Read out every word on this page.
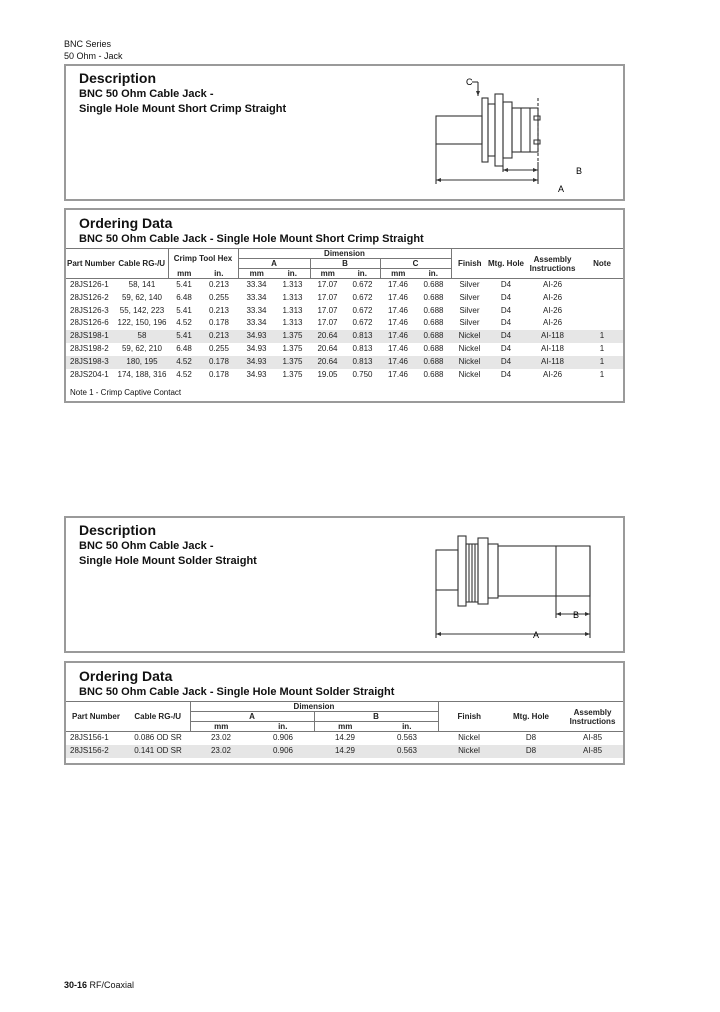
BNC Series
50 Ohm - Jack
Description
BNC 50 Ohm Cable Jack -
Single Hole Mount Short Crimp Straight
C
B
A
Ordering Data
BNC 50 Ohm Cable Jack - Single Hole Mount Short Crimp Straight
Part Number	Cable RG-/U	Crimp Tool Hex		Dimension						Finish	Mtg. Hole	Assembly Instructions	Note
				A		B		C					
		mm	in.	mm	in.	mm	in.	mm	in.				
28JS126-1	58, 141	5.41	0.213	33.34	1.313	17.07	0.672	17.46	0.688	Silver	D4	AI-26	
28JS126-2	59, 62, 140	6.48	0.255	33.34	1.313	17.07	0.672	17.46	0.688	Silver	D4	AI-26	
28JS126-3	55, 142, 223	5.41	0.213	33.34	1.313	17.07	0.672	17.46	0.688	Silver	D4	AI-26	
28JS126-6	122, 150, 196	4.52	0.178	33.34	1.313	17.07	0.672	17.46	0.688	Silver	D4	AI-26	
28JS198-1	58	5.41	0.213	34.93	1.375	20.64	0.813	17.46	0.688	Nickel	D4	AI-118	1
28JS198-2	59, 62, 210	6.48	0.255	34.93	1.375	20.64	0.813	17.46	0.688	Nickel	D4	AI-118	1
28JS198-3	180, 195	4.52	0.178	34.93	1.375	20.64	0.813	17.46	0.688	Nickel	D4	AI-118	1
28JS204-1	174, 188, 316	4.52	0.178	34.93	1.375	19.05	0.750	17.46	0.688	Nickel	D4	AI-26	1
Note 1 - Crimp Captive Contact
Description
BNC 50 Ohm Cable Jack -
Single Hole Mount Solder Straight
B
A
Ordering Data
BNC 50 Ohm Cable Jack - Single Hole Mount Solder Straight
Part Number	Cable RG-/U	Dimension				Finish	Mtg. Hole	Assembly Instructions
		A		B				
		mm	in.	mm	in.			
28JS156-1	0.086 OD SR	23.02	0.906	14.29	0.563	Nickel	D8	AI-85
28JS156-2	0.141 OD SR	23.02	0.906	14.29	0.563	Nickel	D8	AI-85
30-16 RF/Coaxial
